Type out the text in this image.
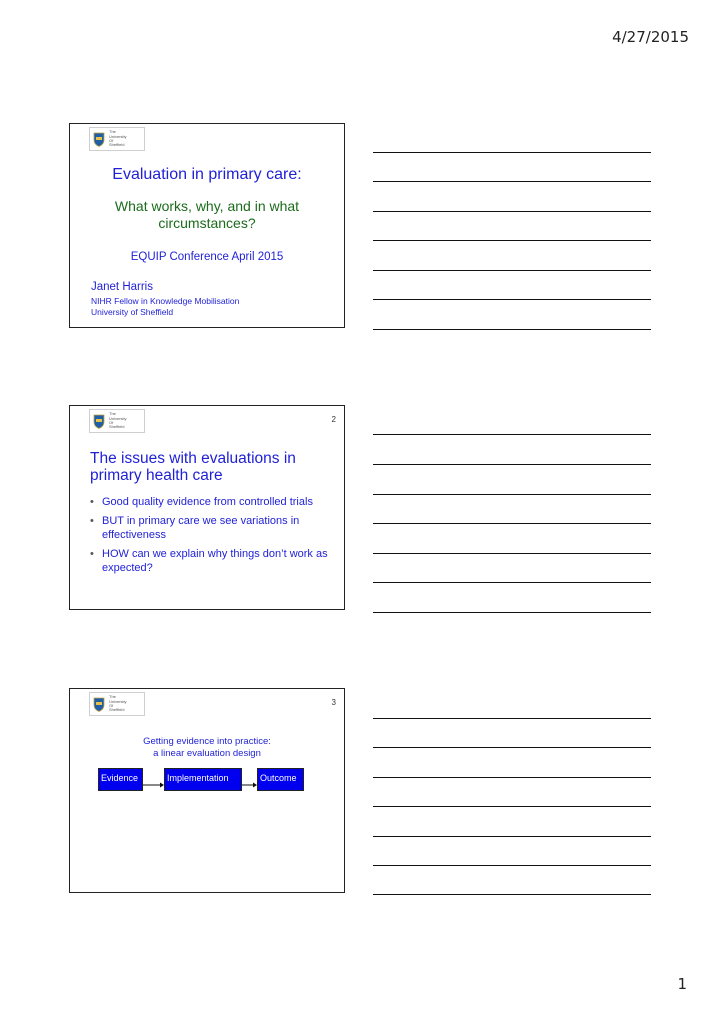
4/27/2015
The
University
Of
Sheffield
Evaluation in primary care:
What works, why, and in what circumstances?
EQUIP Conference April 2015
Janet Harris
NIHR Fellow in Knowledge Mobilisation
University of Sheffield
The
University
Of
Sheffield
2
The issues with evaluations in primary health care
• Good quality evidence from controlled trials
• BUT in primary care we see variations in effectiveness
• HOW can we explain why things don’t work as expected?
The
University
Of
Sheffield
3
Getting evidence into practice:
a linear evaluation design
Evidence	Implementation	Outcome
1
